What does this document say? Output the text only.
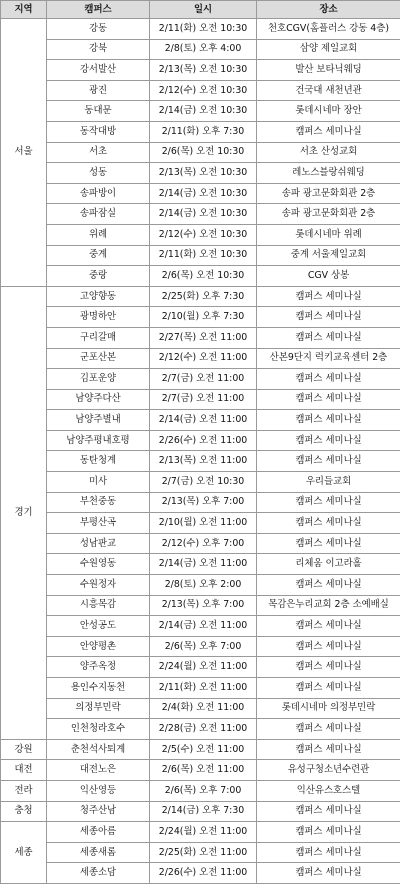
지역	캠퍼스	일시	장소
서울	강동	2/11(화) 오전 10:30	천호CGV(홈플러스 강동 4층)
	강북	2/8(토) 오후 4:00	삼양 제일교회
	강서발산	2/13(목) 오전 10:30	발산 보타닉웨딩
	광진	2/12(수) 오전 10:30	건국대 새천년관
	동대문	2/14(금) 오전 10:30	롯데시네마 장안
	동작대방	2/11(화) 오후 7:30	캠퍼스 세미나실
	서초	2/6(목) 오전 10:30	서초 산성교회
	성동	2/13(목) 오전 10:30	레노스블랑쉬웨딩
	송파방이	2/14(금) 오전 10:30	송파 광고문화회관 2층
	송파잠실	2/14(금) 오전 10:30	송파 광고문화회관 2층
	위례	2/12(수) 오전 10:30	롯데시네마 위례
	중계	2/11(화) 오전 10:30	중계 서울제일교회
	중랑	2/6(목) 오전 10:30	CGV 상봉
경기	고양향동	2/25(화) 오후 7:30	캠퍼스 세미나실
	광명하안	2/10(월) 오후 7:30	캠퍼스 세미나실
	구리갈매	2/27(목) 오전 11:00	캠퍼스 세미나실
	군포산본	2/12(수) 오전 11:00	산본9단지 럭키교육센터 2층
	김포운양	2/7(금) 오전 11:00	캠퍼스 세미나실
	남양주다산	2/7(금) 오전 11:00	캠퍼스 세미나실
	남양주별내	2/14(금) 오전 11:00	캠퍼스 세미나실
	남양주평내호평	2/26(수) 오전 11:00	캠퍼스 세미나실
	동탄청계	2/13(목) 오전 11:00	캠퍼스 세미나실
	미사	2/7(금) 오전 10:30	우리들교회
	부천중동	2/13(목) 오후 7:00	캠퍼스 세미나실
	부평산곡	2/10(월) 오전 11:00	캠퍼스 세미나실
	성남판교	2/12(수) 오후 7:00	캠퍼스 세미나실
	수원영동	2/14(금) 오전 11:00	리체움 이고라홀
	수원정자	2/8(토) 오후 2:00	캠퍼스 세미나실
	시흥목감	2/13(목) 오후 7:00	목감은누리교회 2층 소예배실
	안성공도	2/14(금) 오전 11:00	캠퍼스 세미나실
	안양평촌	2/6(목) 오후 7:00	캠퍼스 세미나실
	양주옥정	2/24(월) 오전 11:00	캠퍼스 세미나실
	용인수지동천	2/11(화) 오전 11:00	캠퍼스 세미나실
	의정부민락	2/4(화) 오전 11:00	롯데시네마 의정부민락
	인천청라호수	2/28(금) 오전 11:00	캠퍼스 세미나실
강원	춘천석사퇴계	2/5(수) 오전 11:00	캠퍼스 세미나실
대전	대전노은	2/6(목) 오전 11:00	유성구청소년수련관
전라	익산영등	2/6(목) 오후 7:00	익산유스호스텔
충청	청주산남	2/14(금) 오후 7:30	캠퍼스 세미나실
세종	세종아름	2/24(월) 오전 11:00	캠퍼스 세미나실
	세종새롬	2/25(화) 오전 11:00	캠퍼스 세미나실
	세종소담	2/26(수) 오전 11:00	캠퍼스 세미나실
